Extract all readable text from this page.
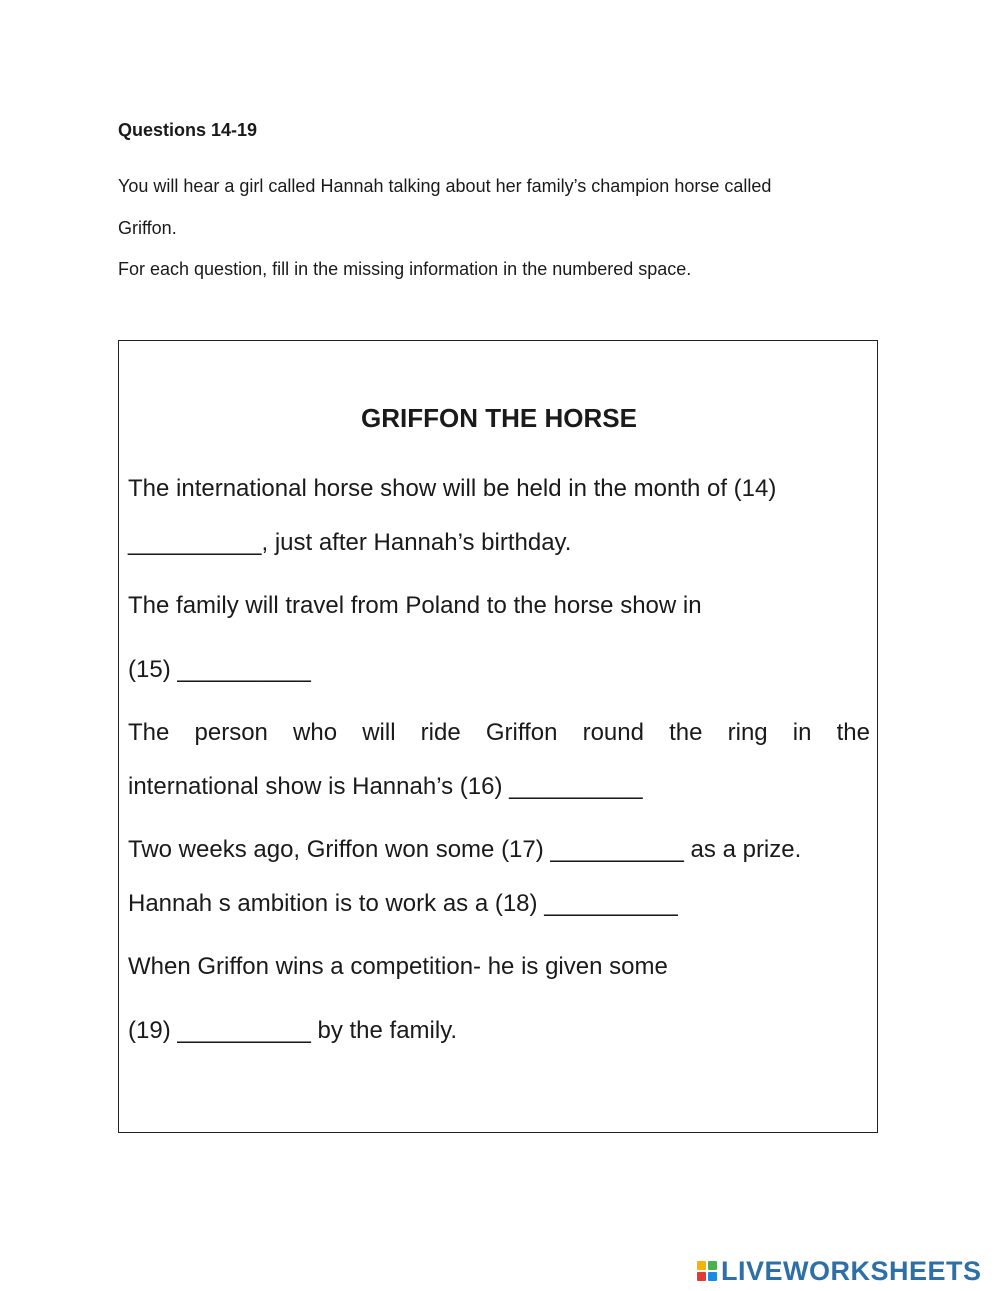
Questions 14-19

You will hear a girl called Hannah talking about her family’s champion horse called

Griffon.

For each question, fill in the missing information in the numbered space.

GRIFFON THE HORSE

The international horse show will be held in the month of (14)

__________, just after Hannah’s birthday.

The family will travel from Poland to the horse show in

(15) __________

The person who will ride Griffon round the ring in the

international show is Hannah’s (16) __________

Two weeks ago, Griffon won some (17) __________ as a prize.

Hannah s ambition is to work as a (18) __________

When Griffon wins a competition- he is given some

(19) __________ by the family.

LIVEWORKSHEETS
